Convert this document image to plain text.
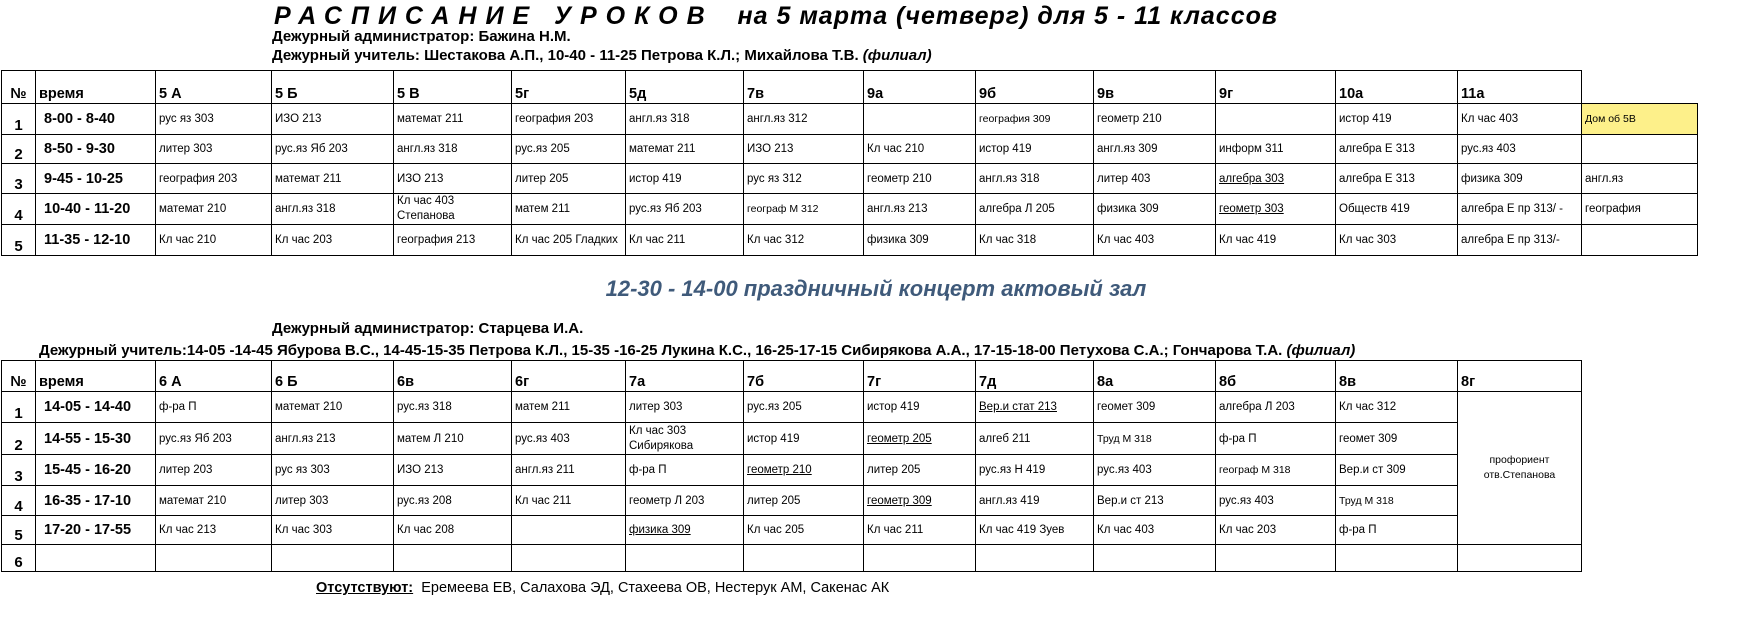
РАСПИСАНИЕ УРОКОВ на 5 марта (четверг) для 5 - 11 классов
Дежурный администратор: Бажина Н.М.
Дежурный учитель: Шестакова А.П., 10-40 - 11-25 Петрова К.Л.; Михайлова Т.В. (филиал)
№	время	5 А	5 Б	5 В	5г	5д	7в	9а	9б	9в	9г	10а	11а	
1	8-00 - 8-40	рус яз 303	ИЗО 213	математ 211	география 203	англ.яз 318	англ.яз 312		география 309	геометр 210		истор 419	Кл час 403	Дом об 5В
2	8-50 - 9-30	литер 303	рус.яз Яб 203	англ.яз 318	рус.яз 205	математ 211	ИЗО 213	Кл час 210	истор 419	англ.яз 309	информ 311	алгебра Е 313	рус.яз 403	
3	9-45 - 10-25	география 203	математ 211	ИЗО 213	литер 205	истор 419	рус яз 312	геометр 210	англ.яз 318	литер 403	алгебра 303	алгебра Е 313	физика 309	англ.яз
4	10-40 - 11-20	математ 210	англ.яз 318	Кл час 403 Степанова	матем 211	рус.яз Яб 203	географ М 312	англ.яз 213	алгебра Л 205	физика 309	геометр 303	Обществ 419	алгебра Е пр 313/ -	география
5	11-35 - 12-10	Кл час 210	Кл час 203	география 213	Кл час 205 Гладких	Кл час 211	Кл час 312	физика 309	Кл час 318	Кл час 403	Кл час 419	Кл час 303	алгебра Е пр 313/-	
12-30 - 14-00 праздничный концерт актовый зал
Дежурный администратор: Старцева И.А.
Дежурный учитель:14-05 -14-45 Ябурова В.С., 14-45-15-35 Петрова К.Л., 15-35 -16-25 Лукина К.С., 16-25-17-15 Сибирякова А.А., 17-15-18-00 Петухова С.А.; Гончарова Т.А. (филиал)
№	время	6 А	6 Б	6в	6г	7а	7б	7г	7д	8а	8б	8в	8г
1	14-05 - 14-40	ф-ра П	математ 210	рус.яз 318	матем 211	литер 303	рус.яз 205	истор 419	Вер.и стат 213	геомет 309	алгебра Л 203	Кл час 312	профориент отв.Степанова
2	14-55 - 15-30	рус.яз Яб 203	англ.яз 213	матем Л 210	рус.яз 403	Кл час 303 Сибирякова	истор 419	геометр 205	алгеб 211	Труд М 318	ф-ра П	геомет 309	
3	15-45 - 16-20	литер 203	рус яз 303	ИЗО 213	англ.яз 211	ф-ра П	геометр 210	литер 205	рус.яз Н 419	рус.яз 403	географ М 318	Вер.и ст 309	
4	16-35 - 17-10	математ 210	литер 303	рус.яз 208	Кл час 211	геометр Л 203	литер 205	геометр 309	англ.яз 419	Вер.и ст 213	рус.яз 403	Труд М 318	
5	17-20 - 17-55	Кл час 213	Кл час 303	Кл час 208		физика 309	Кл час 205	Кл час 211	Кл час 419 Зуев	Кл час 403	Кл час 203	ф-ра П	
6													
Отсутствуют: Еремеева ЕВ, Салахова ЭД, Стахеева ОВ, Нестерук АМ, Сакенас АК
